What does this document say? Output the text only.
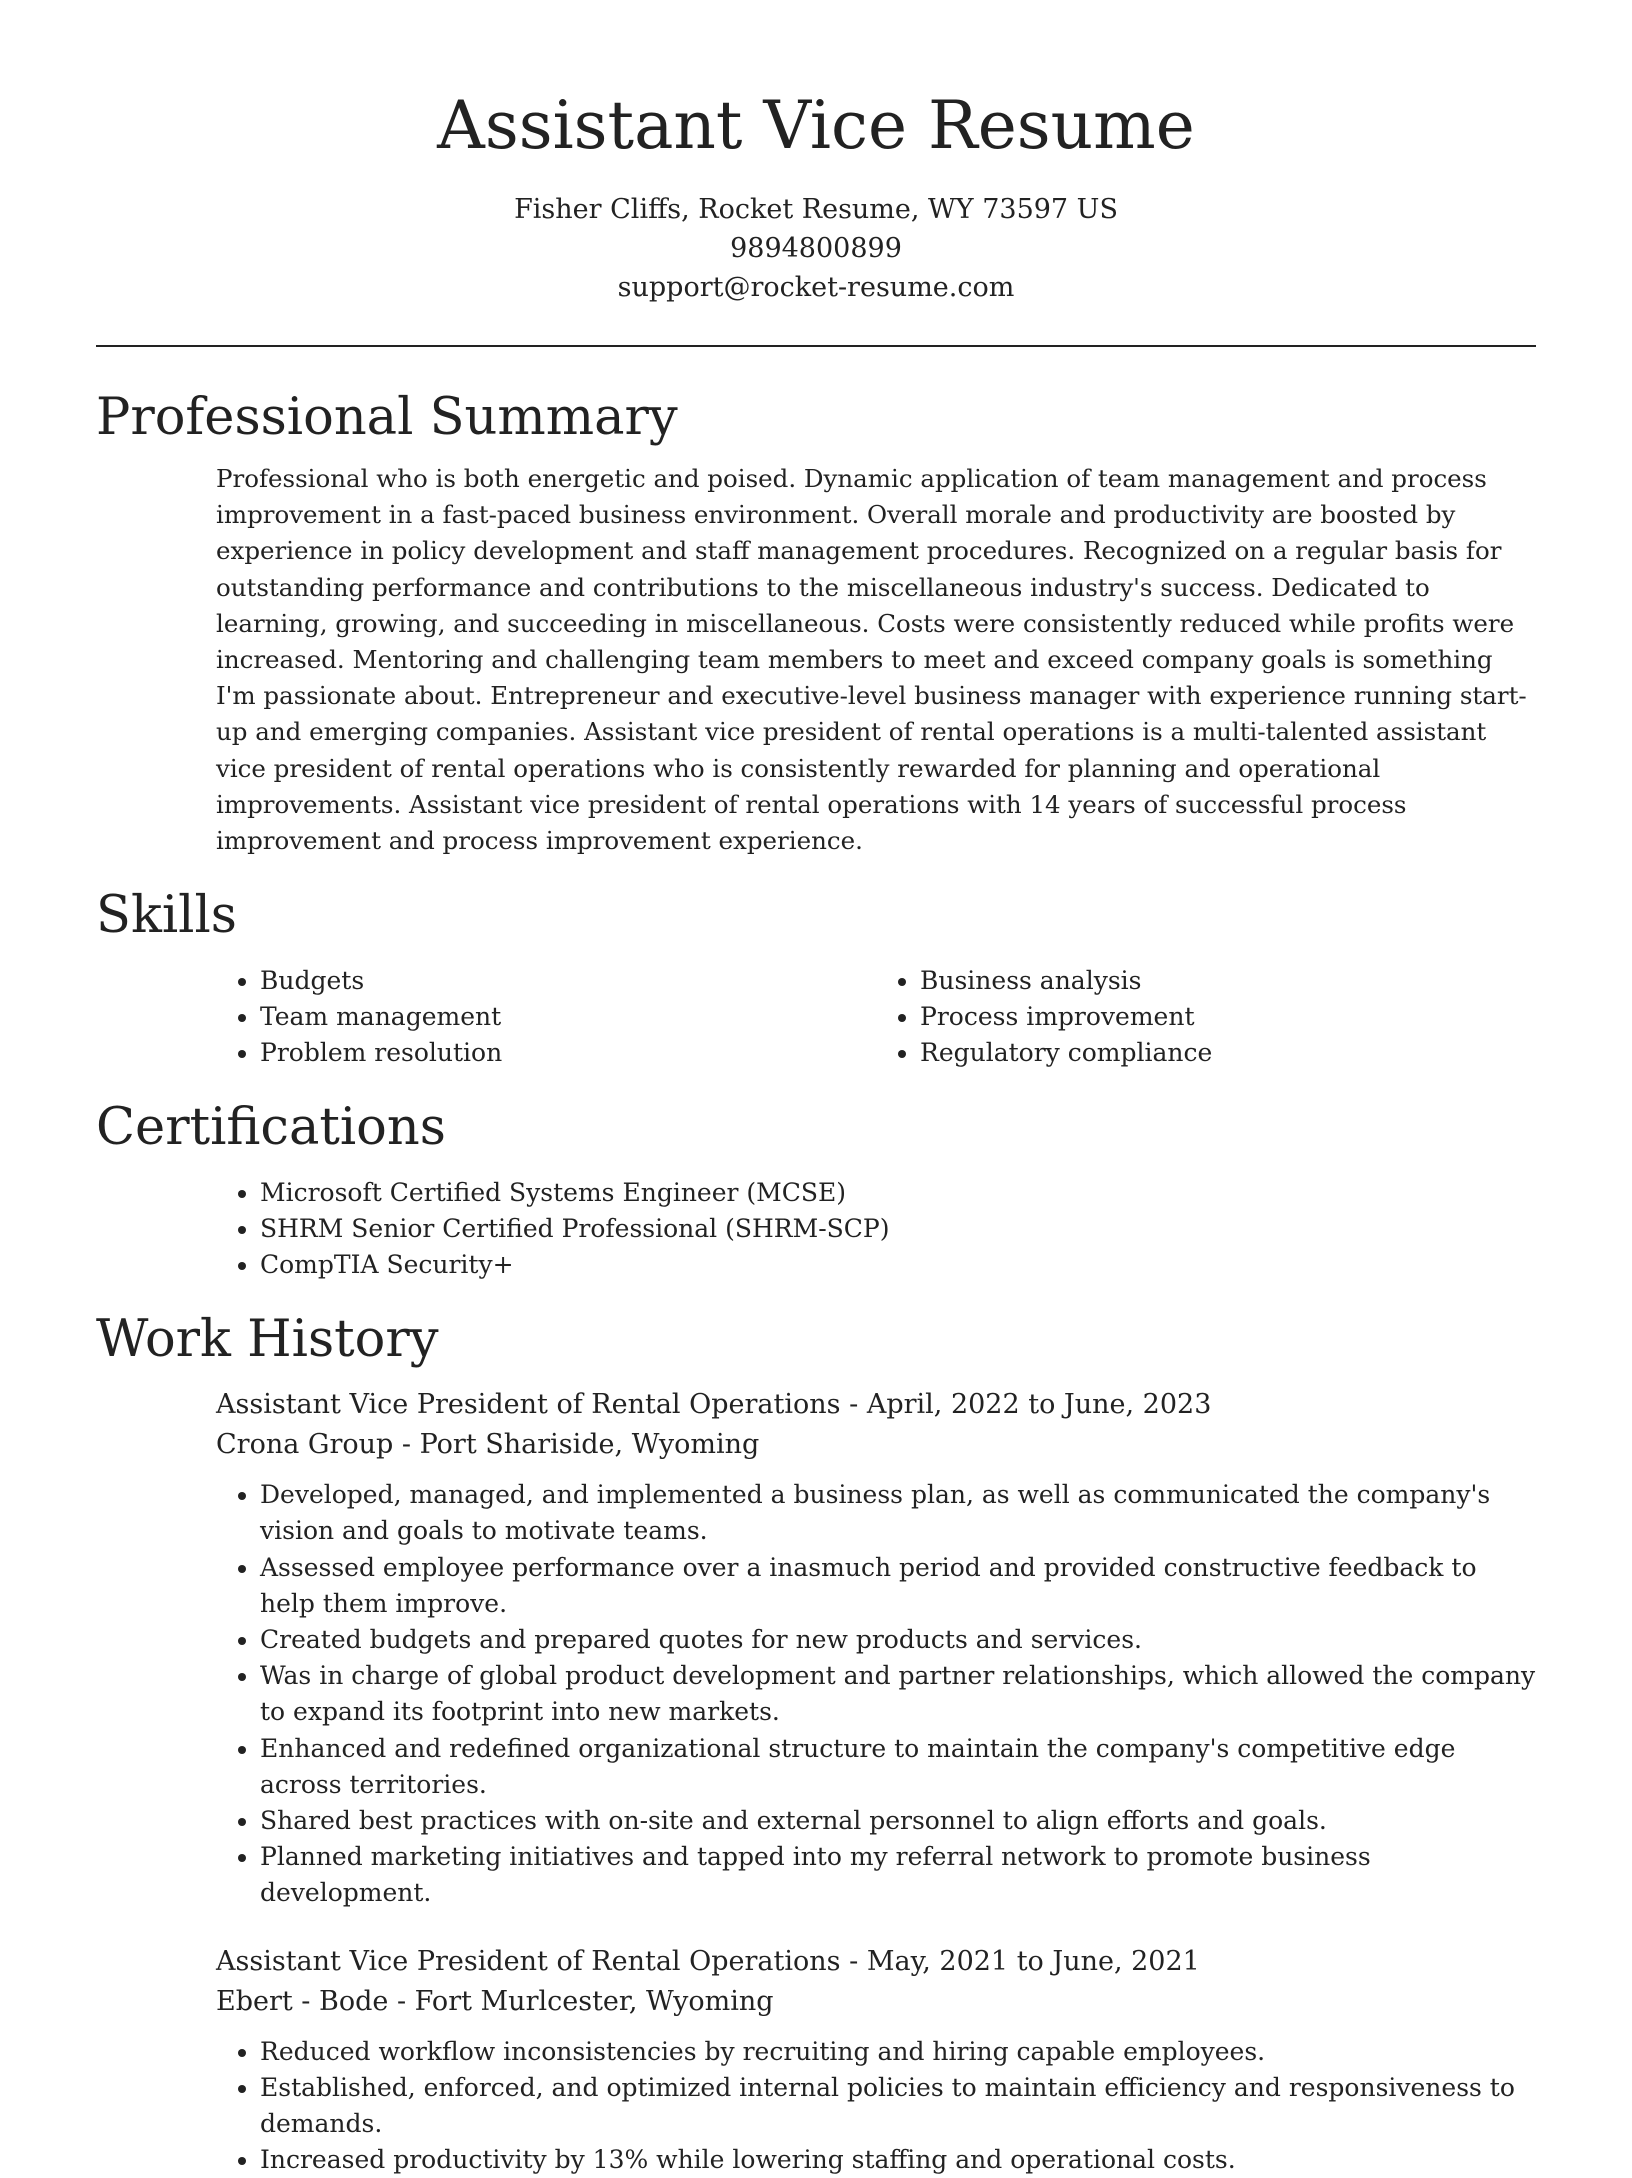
Assistant Vice Resume
Fisher Cliffs, Rocket Resume, WY 73597 US
9894800899
support@rocket-resume.com
Professional Summary

Professional who is both energetic and poised. Dynamic application of team management and process improvement in a fast-paced business environment. Overall morale and productivity are boosted by experience in policy development and staff management procedures. Recognized on a regular basis for outstanding performance and contributions to the miscellaneous industry's success. Dedicated to learning, growing, and succeeding in miscellaneous. Costs were consistently reduced while profits were increased. Mentoring and challenging team members to meet and exceed company goals is something I'm passionate about. Entrepreneur and executive-level business manager with experience running start-up and emerging companies. Assistant vice president of rental operations is a multi-talented assistant vice president of rental operations who is consistently rewarded for planning and operational improvements. Assistant vice president of rental operations with 14 years of successful process improvement and process improvement experience.

Skills
• Budgets
• Team management
• Problem resolution
• Business analysis
• Process improvement
• Regulatory compliance
Certifications
• Microsoft Certified Systems Engineer (MCSE)
• SHRM Senior Certified Professional (SHRM-SCP)
• CompTIA Security+
Work History
Assistant Vice President of Rental Operations - April, 2022 to June, 2023
Crona Group - Port Shariside, Wyoming
• Developed, managed, and implemented a business plan, as well as communicated the company's vision and goals to motivate teams.
• Assessed employee performance over a inasmuch period and provided constructive feedback to help them improve.
• Created budgets and prepared quotes for new products and services.
• Was in charge of global product development and partner relationships, which allowed the company to expand its footprint into new markets.
• Enhanced and redefined organizational structure to maintain the company's competitive edge across territories.
• Shared best practices with on-site and external personnel to align efforts and goals.
• Planned marketing initiatives and tapped into my referral network to promote business development.
Assistant Vice President of Rental Operations - May, 2021 to June, 2021
Ebert - Bode - Fort Murlcester, Wyoming
• Reduced workflow inconsistencies by recruiting and hiring capable employees.
• Established, enforced, and optimized internal policies to maintain efficiency and responsiveness to demands.
• Increased productivity by 13% while lowering staffing and operational costs.
